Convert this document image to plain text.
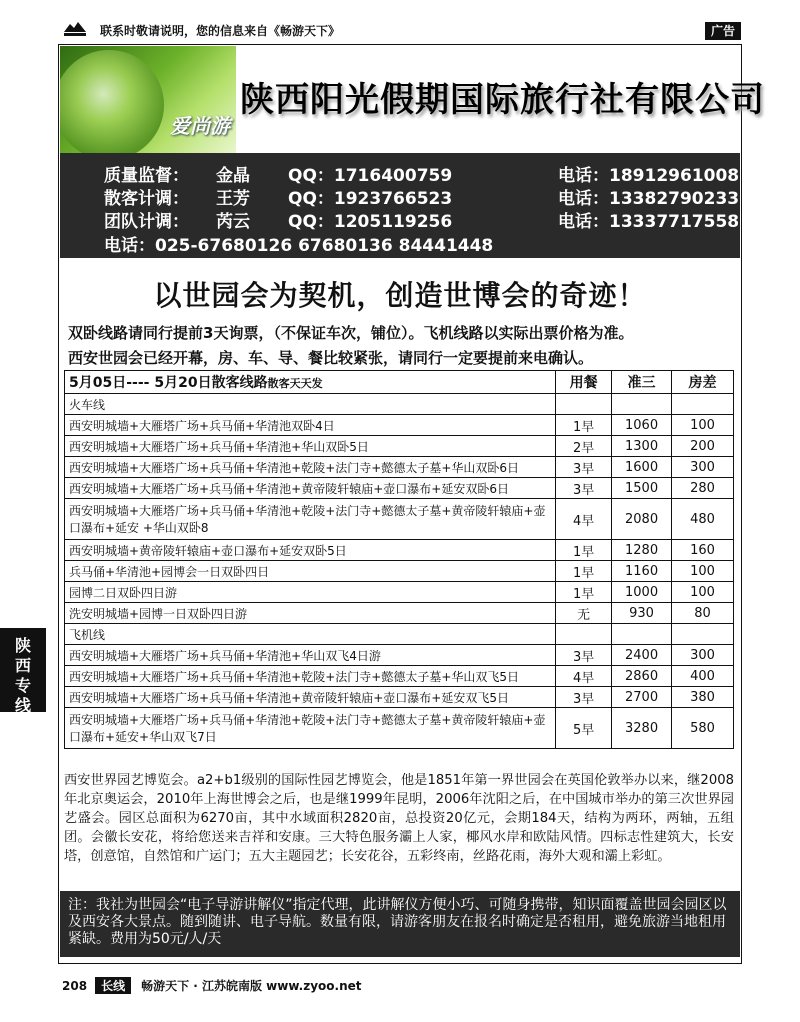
联系时敬请说明，您的信息来自《畅游天下》	广告
爱尚游
陕西阳光假期国际旅行社有限公司
质量监督： 金晶 QQ：1716400759	电话：18912961008
散客计调： 王芳 QQ：1923766523	电话：13382790233
团队计调： 芮云 QQ：1205119256	电话：13337717558
电话：025-67680126 67680136 84441448
以世园会为契机，创造世博会的奇迹！
双卧线路请同行提前3天询票，（不保证车次，铺位）。飞机线路以实际出票价格为准。
西安世园会已经开幕，房、车、导、餐比较紧张，请同行一定要提前来电确认。
5月05日---- 5月20日散客线路散客天天发	用餐	准三	房差
火车线			
西安明城墙+大雁塔广场+兵马俑+华清池双卧4日	1早	1060	100
西安明城墙+大雁塔广场+兵马俑+华清池+华山双卧5日	2早	1300	200
西安明城墙+大雁塔广场+兵马俑+华清池+乾陵+法门寺+懿德太子墓+华山双卧6日	3早	1600	300
西安明城墙+大雁塔广场+兵马俑+华清池+黄帝陵轩辕庙+壶口瀑布+延安双卧6日	3早	1500	280
西安明城墙+大雁塔广场+兵马俑+华清池+乾陵+法门寺+懿德太子墓+黄帝陵轩辕庙+壶口瀑布+延安 +华山双卧8	4早	2080	480
西安明城墙+黄帝陵轩辕庙+壶口瀑布+延安双卧5日	1早	1280	160
兵马俑+华清池+园博会一日双卧四日	1早	1160	100
园博二日双卧四日游	1早	1000	100
洗安明城墙+园博一日双卧四日游	无	930	80
飞机线			
西安明城墙+大雁塔广场+兵马俑+华清池+华山双飞4日游	3早	2400	300
西安明城墙+大雁塔广场+兵马俑+华清池+乾陵+法门寺+懿德太子墓+华山双飞5日	4早	2860	400
西安明城墙+大雁塔广场+兵马俑+华清池+黄帝陵轩辕庙+壶口瀑布+延安双飞5日	3早	2700	380
西安明城墙+大雁塔广场+兵马俑+华清池+乾陵+法门寺+懿德太子墓+黄帝陵轩辕庙+壶口瀑布+延安+华山双飞7日	5早	3280	580
陕
西
专
线
西安世界园艺博览会。a2+b1级别的国际性园艺博览会，他是1851年第一界世园会在英国伦敦举办以来，继2008年北京奥运会，2010年上海世博会之后，也是继1999年昆明，2006年沈阳之后，在中国城市举办的第三次世界园艺盛会。园区总面积为6270亩，其中水域面积2820亩，总投资20亿元，会期184天，结构为两环，两轴，五组团。会徽长安花，将给您送来吉祥和安康。三大特色服务灞上人家，椰风水岸和欧陆风情。四标志性建筑大，长安塔，创意馆，自然馆和广运门；五大主题园艺；长安花谷，五彩终南，丝路花雨，海外大观和灞上彩虹。
注：我社为世园会“电子导游讲解仪”指定代理，此讲解仪方便小巧、可随身携带，知识面覆盖世园会园区以及西安各大景点。随到随讲、电子导航。数量有限，请游客朋友在报名时确定是否租用，避免旅游当地租用紧缺。费用为50元/人/天
208 长线 畅游天下 · 江苏皖南版 www.zyoo.net
